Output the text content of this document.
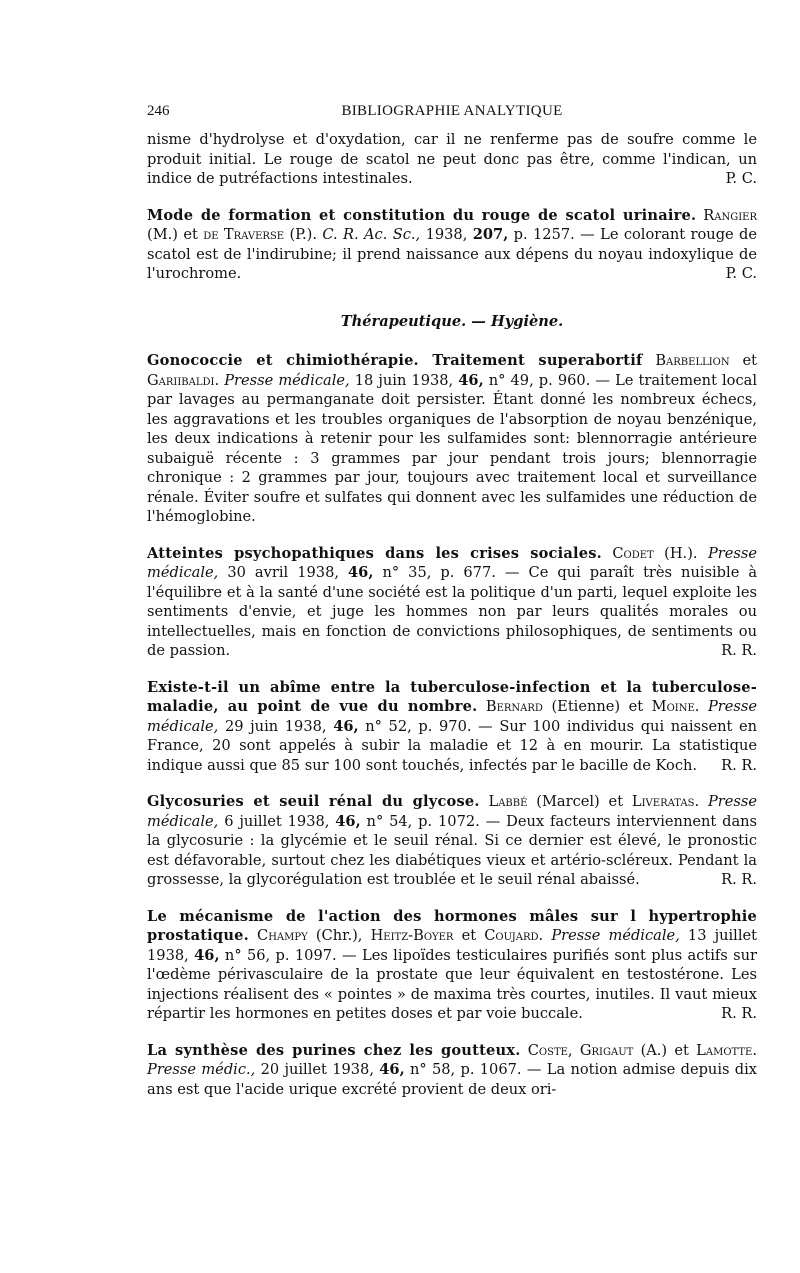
246	BIBLIOGRAPHIE ANALYTIQUE

nisme d'hydrolyse et d'oxydation, car il ne renferme pas de soufre comme le produit initial. Le rouge de scatol ne peut donc pas être, comme l'indican, un indice de putréfactions intestinales.	P. C.

Mode de formation et constitution du rouge de scatol urinaire. Rangier (M.) et de Traverse (P.). C. R. Ac. Sc., 1938, 207, p. 1257. — Le colorant rouge de scatol est de l'indirubine; il prend naissance aux dépens du noyau indoxylique de l'urochrome.	P. C.

Thérapeutique. — Hygiène.

Gonococcie et chimiothérapie. Traitement superabortif Barbellion et Gariibaldi. Presse médicale, 18 juin 1938, 46, n° 49, p. 960. — Le traitement local par lavages au permanganate doit persister. Étant donné les nombreux échecs, les aggravations et les troubles organiques de l'absorption de noyau benzénique, les deux indications à retenir pour les sulfamides sont: blennorragie antérieure subaiguë récente : 3 grammes par jour pendant trois jours; blennorragie chronique : 2 grammes par jour, toujours avec traitement local et surveillance rénale. Éviter soufre et sulfates qui donnent avec les sulfamides une réduction de l'hémoglobine.

Atteintes psychopathiques dans les crises sociales. Codet (H.). Presse médicale, 30 avril 1938, 46, n° 35, p. 677. — Ce qui paraît très nuisible à l'équilibre et à la santé d'une société est la politique d'un parti, lequel exploite les sentiments d'envie, et juge les hommes non par leurs qualités morales ou intellectuelles, mais en fonction de convictions philosophiques, de sentiments ou de passion.	R. R.

Existe-t-il un abîme entre la tuberculose-infection et la tuberculose-maladie, au point de vue du nombre. Bernard (Etienne) et Moine. Presse médicale, 29 juin 1938, 46, n° 52, p. 970. — Sur 100 individus qui naissent en France, 20 sont appelés à subir la maladie et 12 à en mourir. La statistique indique aussi que 85 sur 100 sont touchés, infectés par le bacille de Koch.	R. R.

Glycosuries et seuil rénal du glycose. Labbé (Marcel) et Liveratas. Presse médicale, 6 juillet 1938, 46, n° 54, p. 1072. — Deux facteurs interviennent dans la glycosurie : la glycémie et le seuil rénal. Si ce dernier est élevé, le pronostic est défavorable, surtout chez les diabétiques vieux et artério-scléreux. Pendant la grossesse, la glycorégulation est troublée et le seuil rénal abaissé.	R. R.

Le mécanisme de l'action des hormones mâles sur l hypertrophie prostatique. Champy (Chr.), Heitz-Boyer et Coujard. Presse médicale, 13 juillet 1938, 46, n° 56, p. 1097. — Les lipoïdes testiculaires purifiés sont plus actifs sur l'œdème périvasculaire de la prostate que leur équivalent en testostérone. Les injections réalisent des « pointes » de maxima très courtes, inutiles. Il vaut mieux répartir les hormones en petites doses et par voie buccale.	R. R.

La synthèse des purines chez les goutteux. Coste, Grigaut (A.) et Lamotte. Presse médic., 20 juillet 1938, 46, n° 58, p. 1067. — La notion admise depuis dix ans est que l'acide urique excrété provient de deux ori-
